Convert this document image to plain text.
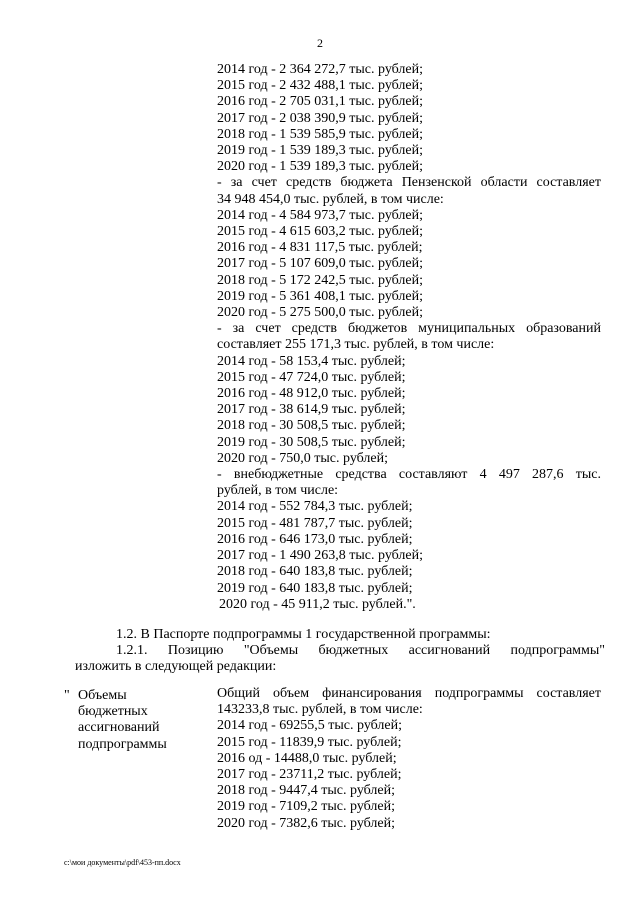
2
2014 год - 2 364 272,7 тыс. рублей;
2015 год - 2 432 488,1 тыс. рублей;
2016 год - 2 705 031,1 тыс. рублей;
2017 год - 2 038 390,9 тыс. рублей;
2018 год - 1 539 585,9 тыс. рублей;
2019 год - 1 539 189,3 тыс. рублей;
2020 год - 1 539 189,3 тыс. рублей;
- за счет средств бюджета Пензенской области составляет
34 948 454,0 тыс. рублей, в том числе:
2014 год - 4 584 973,7 тыс. рублей;
2015 год - 4 615 603,2 тыс. рублей;
2016 год - 4 831 117,5 тыс. рублей;
2017 год - 5 107 609,0 тыс. рублей;
2018 год - 5 172 242,5 тыс. рублей;
2019 год - 5 361 408,1 тыс. рублей;
2020 год - 5 275 500,0 тыс. рублей;
- за счет средств бюджетов муниципальных образований
составляет 255 171,3 тыс. рублей, в том числе:
2014 год - 58 153,4 тыс. рублей;
2015 год - 47 724,0 тыс. рублей;
2016 год - 48 912,0 тыс. рублей;
2017 год - 38 614,9 тыс. рублей;
2018 год - 30 508,5 тыс. рублей;
2019 год - 30 508,5 тыс. рублей;
2020 год - 750,0 тыс. рублей;
- внебюджетные средства составляют 4 497 287,6 тыс.
рублей, в том числе:
2014 год - 552 784,3 тыс. рублей;
2015 год - 481 787,7 тыс. рублей;
2016 год - 646 173,0 тыс. рублей;
2017 год - 1 490 263,8 тыс. рублей;
2018 год - 640 183,8 тыс. рублей;
2019 год - 640 183,8 тыс. рублей;
2020 год - 45 911,2 тыс. рублей.".
1.2. В Паспорте подпрограммы 1 государственной программы:
1.2.1. Позицию "Объемы бюджетных ассигнований подпрограммы"
изложить в следующей редакции:
" Объемы
бюджетных
ассигнований
подпрограммы
Общий объем финансирования подпрограммы составляет
143233,8 тыс. рублей, в том числе:
2014 год - 69255,5 тыс. рублей;
2015 год - 11839,9 тыс. рублей;
2016 од - 14488,0 тыс. рублей;
2017 год - 23711,2 тыс. рублей;
2018 год - 9447,4 тыс. рублей;
2019 год - 7109,2 тыс. рублей;
2020 год - 7382,6 тыс. рублей;
c:\мои документы\pdf\453-пп.docx
